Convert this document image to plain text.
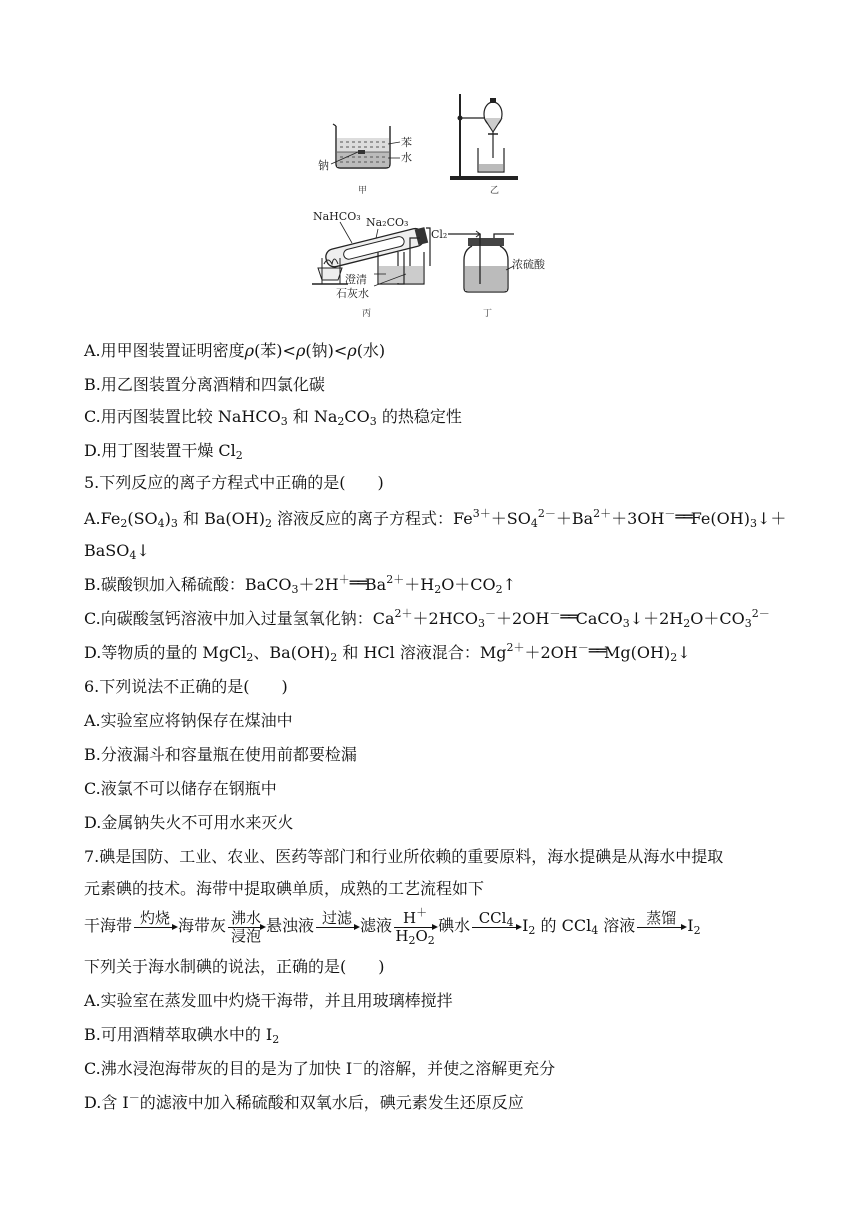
苯
水
钠
甲	乙
NaHCO₃ Na₂CO₃
澄清
石灰水
丙
Cl₂
浓硫酸
丁
A.用甲图装置证明密度ρ(苯)<ρ(钠)<ρ(水)
B.用乙图装置分离酒精和四氯化碳
C.用丙图装置比较 NaHCO$_3$ 和 $Na_2CO_3$ 的热稳定性
D.用丁图装置干燥 $Cl_2$
5.下列反应的离子方程式中正确的是(　　)
$A.Fe_2(SO_4)_3$ 和 $Ba(OH)_2$ 溶液反应的离子方程式：$Fe^{3+}+SO_4^{2-}+Ba^{2+}+3OH^-══Fe(OH)_3↓+$
BaSO$_4$↓
B.碳酸钡加入稀硫酸：$BaCO_3+2H^+══Ba^{2+}+H_2O+CO_2↑$
C.向碳酸氢钙溶液中加入过量氢氧化钠：$Ca^{2+}+2HCO_3^-+2OH^-══CaCO_3↓+2H_2O+CO_3^{2-}$
D.等物质的量的 MgCl$_2$、$Ba(OH)_2$ 和 HCl 溶液混合：$Mg^{2+}+2OH^-══Mg(OH)_2↓$
6.下列说法不正确的是(　　)
A.实验室应将钠保存在煤油中
B.分液漏斗和容量瓶在使用前都要检漏
C.液氯不可以储存在钢瓶中
D.金属钠失火不可用水来灭火
7.碘是国防、工业、农业、医药等部门和行业所依赖的重要原料，海水提碘是从海水中提取
元素碘的技术。海带中提取碘单质，成熟的工艺流程如下
干海带 灼烧
海带灰 沸水
浸泡
悬浊液 过滤
滤液 $\frac{H^+}{H_2O_2}$ 碘水 CCl$_4$
$I_2$ 的 CCl$_4$ 溶液 蒸馏
$I_2$
下列关于海水制碘的说法，正确的是(　　)
A.实验室在蒸发皿中灼烧干海带，并且用玻璃棒搅拌
B.可用酒精萃取碘水中的 $I_2$
C.沸水浸泡海带灰的目的是为了加快 I－的溶解，并使之溶解更充分
D.含 I－的滤液中加入稀硫酸和双氧水后，碘元素发生还原反应
